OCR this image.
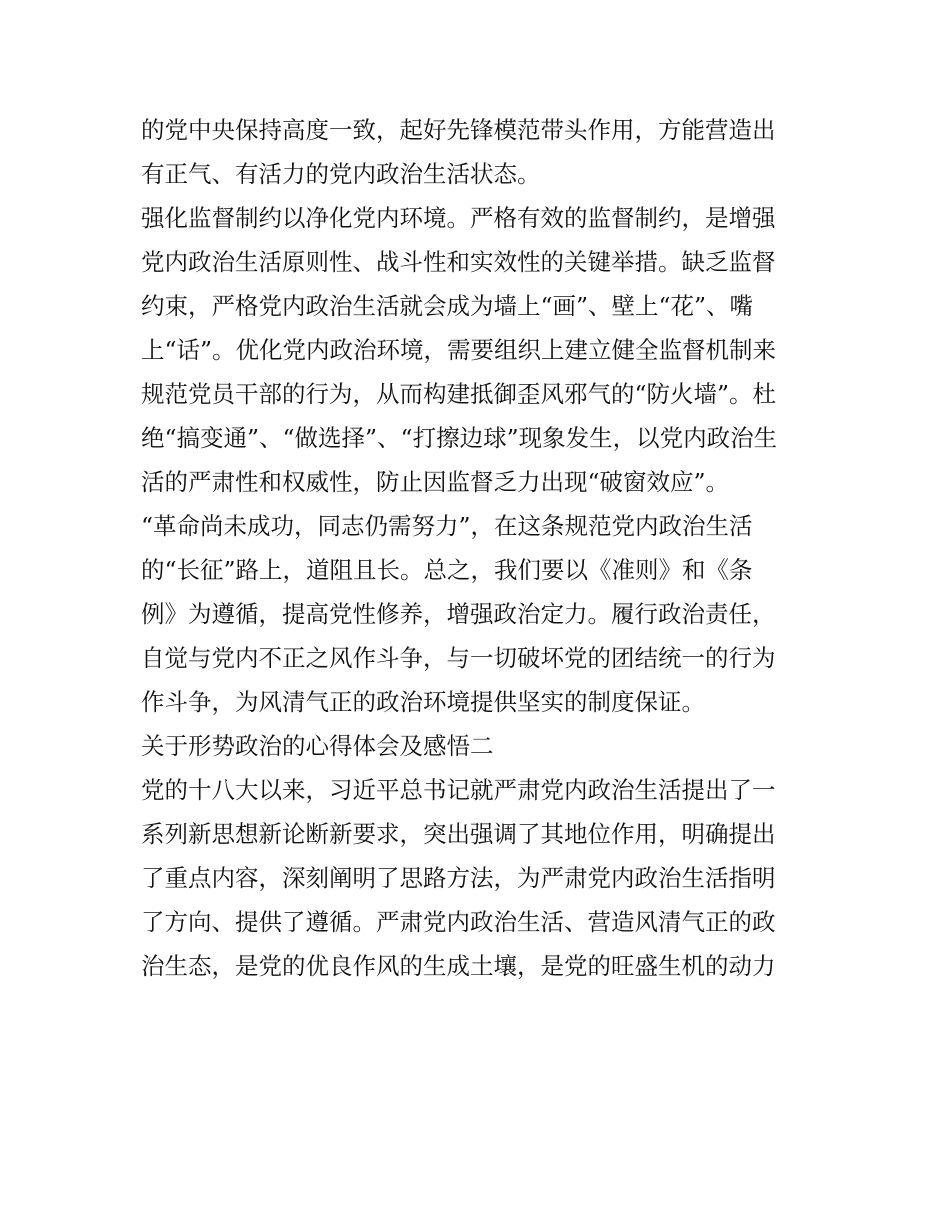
的党中央保持高度一致，起好先锋模范带头作用，方能营造出
有正气、有活力的党内政治生活状态。
强化监督制约以净化党内环境。严格有效的监督制约，是增强
党内政治生活原则性、战斗性和实效性的关键举措。缺乏监督
约束，严格党内政治生活就会成为墙上“画”、壁上“花”、嘴
上“话”。优化党内政治环境，需要组织上建立健全监督机制来
规范党员干部的行为，从而构建抵御歪风邪气的“防火墙”。杜
绝“搞变通”、“做选择”、“打擦边球”现象发生，以党内政治生
活的严肃性和权威性，防止因监督乏力出现“破窗效应”。
“革命尚未成功，同志仍需努力”，在这条规范党内政治生活
的“长征”路上，道阻且长。总之，我们要以《准则》和《条
例》为遵循，提高党性修养，增强政治定力。履行政治责任，
自觉与党内不正之风作斗争，与一切破坏党的团结统一的行为
作斗争，为风清气正的政治环境提供坚实的制度保证。
关于形势政治的心得体会及感悟二
党的十八大以来，习近平总书记就严肃党内政治生活提出了一
系列新思想新论断新要求，突出强调了其地位作用，明确提出
了重点内容，深刻阐明了思路方法，为严肃党内政治生活指明
了方向、提供了遵循。严肃党内政治生活、营造风清气正的政
治生态，是党的优良作风的生成土壤，是党的旺盛生机的动力
